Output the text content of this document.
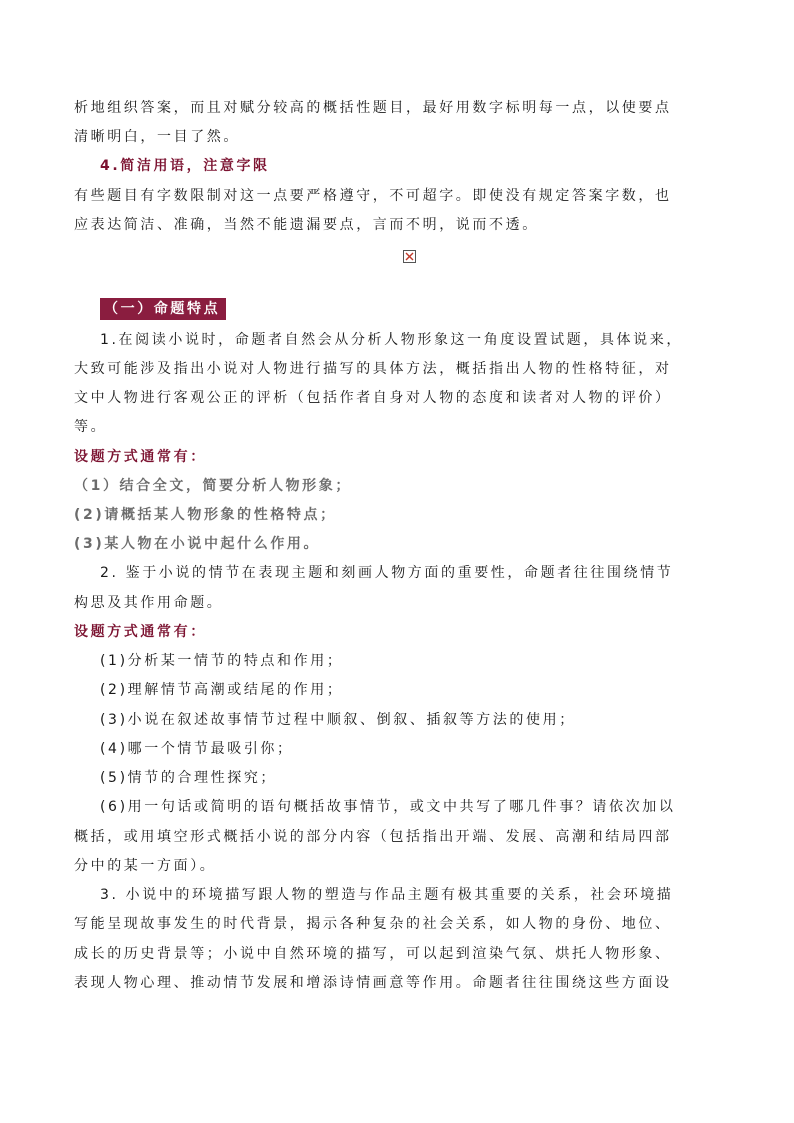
析地组织答案，而且对赋分较高的概括性题目，最好用数字标明每一点，以使要点
清晰明白，一目了然。
4.简洁用语，注意字限
有些题目有字数限制对这一点要严格遵守，不可超字。即使没有规定答案字数，也
应表达简洁、准确，当然不能遗漏要点，言而不明，说而不透。
（一）命题特点
1.在阅读小说时，命题者自然会从分析人物形象这一角度设置试题，具体说来，
大致可能涉及指出小说对人物进行描写的具体方法，概括指出人物的性格特征，对
文中人物进行客观公正的评析（包括作者自身对人物的态度和读者对人物的评价）
等。
设题方式通常有：
（1）结合全文，简要分析人物形象；
(2)请概括某人物形象的性格特点；
(3)某人物在小说中起什么作用。
2. 鉴于小说的情节在表现主题和刻画人物方面的重要性，命题者往往围绕情节
构思及其作用命题。
设题方式通常有：
(1)分析某一情节的特点和作用；
(2)理解情节高潮或结尾的作用；
(3)小说在叙述故事情节过程中顺叙、倒叙、插叙等方法的使用；
(4)哪一个情节最吸引你；
(5)情节的合理性探究；
(6)用一句话或简明的语句概括故事情节，或文中共写了哪几件事？请依次加以
概括，或用填空形式概括小说的部分内容（包括指出开端、发展、高潮和结局四部
分中的某一方面）。
3. 小说中的环境描写跟人物的塑造与作品主题有极其重要的关系，社会环境描
写能呈现故事发生的时代背景，揭示各种复杂的社会关系，如人物的身份、地位、
成长的历史背景等；小说中自然环境的描写，可以起到渲染气氛、烘托人物形象、
表现人物心理、推动情节发展和增添诗情画意等作用。命题者往往围绕这些方面设
